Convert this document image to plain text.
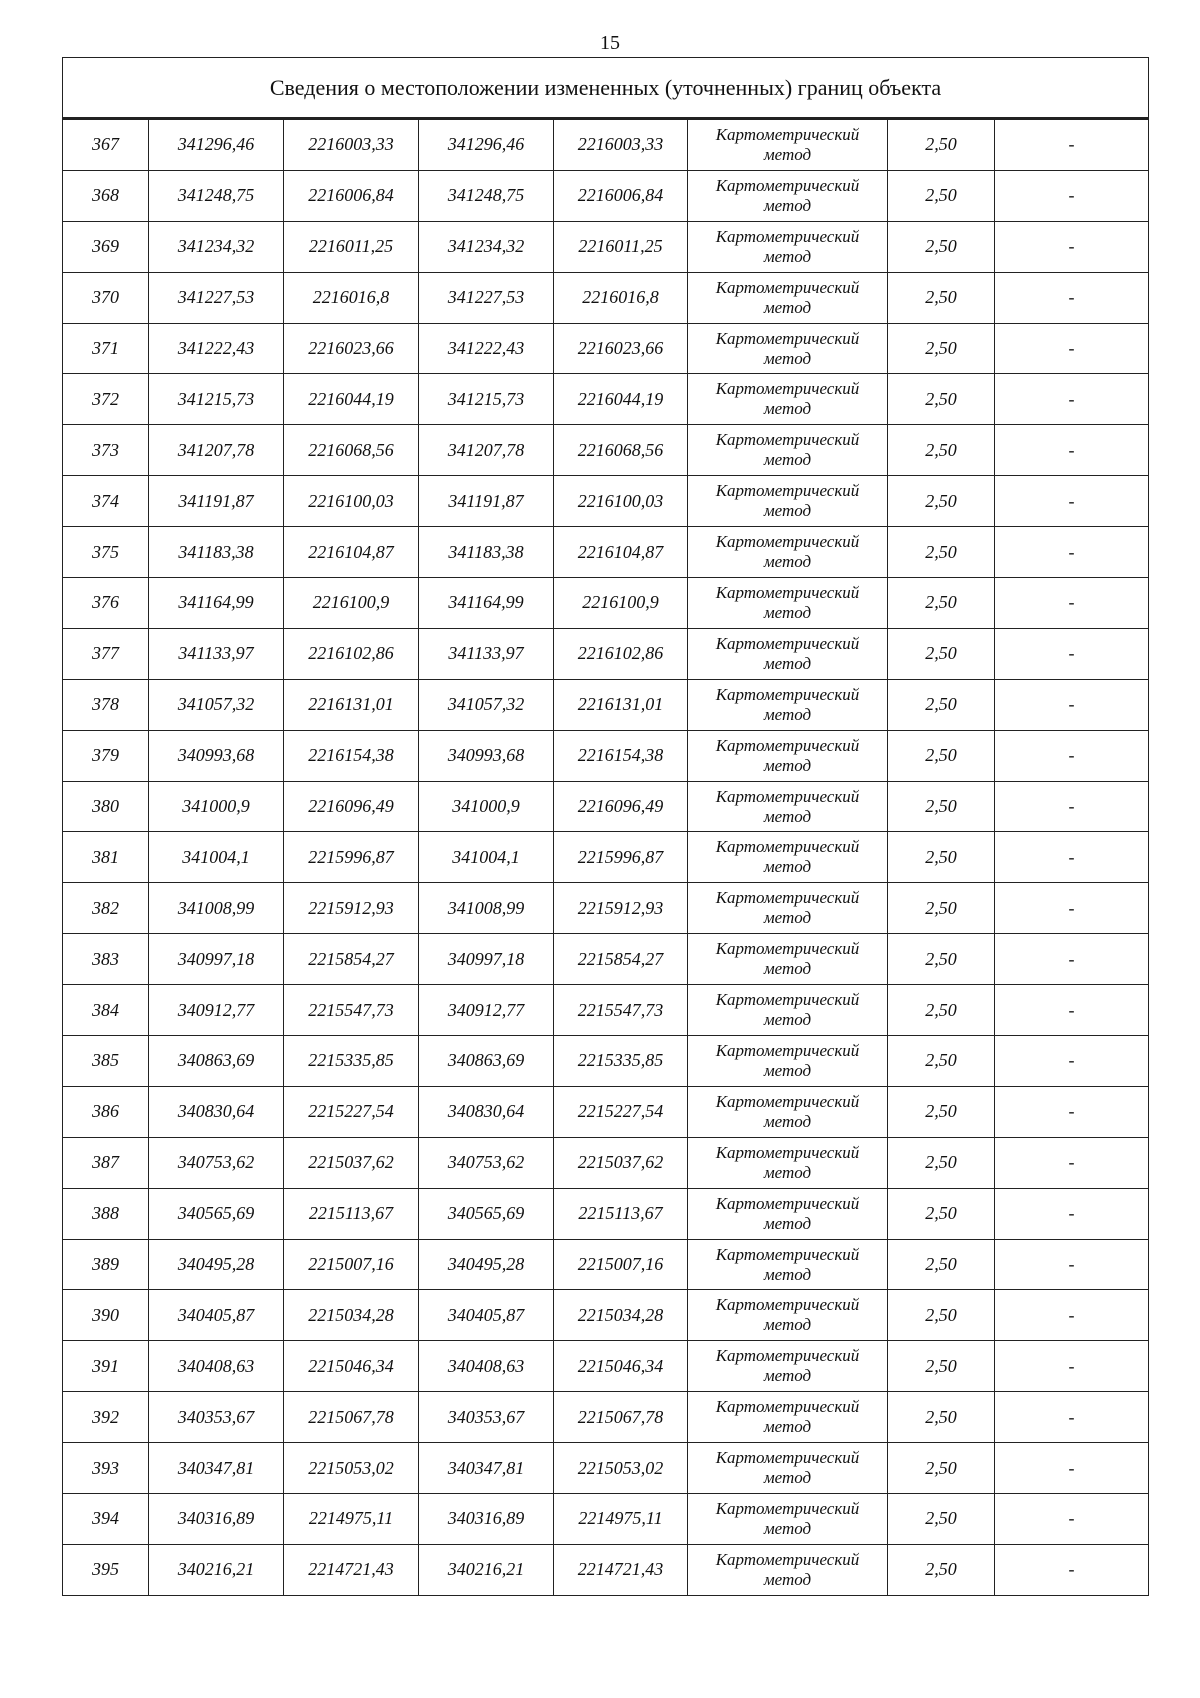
15
Сведения о местоположении измененных (уточненных) границ объекта							
367	341296,46	2216003,33	341296,46	2216003,33	Картометрический
метод	2,50	-
368	341248,75	2216006,84	341248,75	2216006,84	Картометрический
метод	2,50	-
369	341234,32	2216011,25	341234,32	2216011,25	Картометрический
метод	2,50	-
370	341227,53	2216016,8	341227,53	2216016,8	Картометрический
метод	2,50	-
371	341222,43	2216023,66	341222,43	2216023,66	Картометрический
метод	2,50	-
372	341215,73	2216044,19	341215,73	2216044,19	Картометрический
метод	2,50	-
373	341207,78	2216068,56	341207,78	2216068,56	Картометрический
метод	2,50	-
374	341191,87	2216100,03	341191,87	2216100,03	Картометрический
метод	2,50	-
375	341183,38	2216104,87	341183,38	2216104,87	Картометрический
метод	2,50	-
376	341164,99	2216100,9	341164,99	2216100,9	Картометрический
метод	2,50	-
377	341133,97	2216102,86	341133,97	2216102,86	Картометрический
метод	2,50	-
378	341057,32	2216131,01	341057,32	2216131,01	Картометрический
метод	2,50	-
379	340993,68	2216154,38	340993,68	2216154,38	Картометрический
метод	2,50	-
380	341000,9	2216096,49	341000,9	2216096,49	Картометрический
метод	2,50	-
381	341004,1	2215996,87	341004,1	2215996,87	Картометрический
метод	2,50	-
382	341008,99	2215912,93	341008,99	2215912,93	Картометрический
метод	2,50	-
383	340997,18	2215854,27	340997,18	2215854,27	Картометрический
метод	2,50	-
384	340912,77	2215547,73	340912,77	2215547,73	Картометрический
метод	2,50	-
385	340863,69	2215335,85	340863,69	2215335,85	Картометрический
метод	2,50	-
386	340830,64	2215227,54	340830,64	2215227,54	Картометрический
метод	2,50	-
387	340753,62	2215037,62	340753,62	2215037,62	Картометрический
метод	2,50	-
388	340565,69	2215113,67	340565,69	2215113,67	Картометрический
метод	2,50	-
389	340495,28	2215007,16	340495,28	2215007,16	Картометрический
метод	2,50	-
390	340405,87	2215034,28	340405,87	2215034,28	Картометрический
метод	2,50	-
391	340408,63	2215046,34	340408,63	2215046,34	Картометрический
метод	2,50	-
392	340353,67	2215067,78	340353,67	2215067,78	Картометрический
метод	2,50	-
393	340347,81	2215053,02	340347,81	2215053,02	Картометрический
метод	2,50	-
394	340316,89	2214975,11	340316,89	2214975,11	Картометрический
метод	2,50	-
395	340216,21	2214721,43	340216,21	2214721,43	Картометрический
метод	2,50	-
